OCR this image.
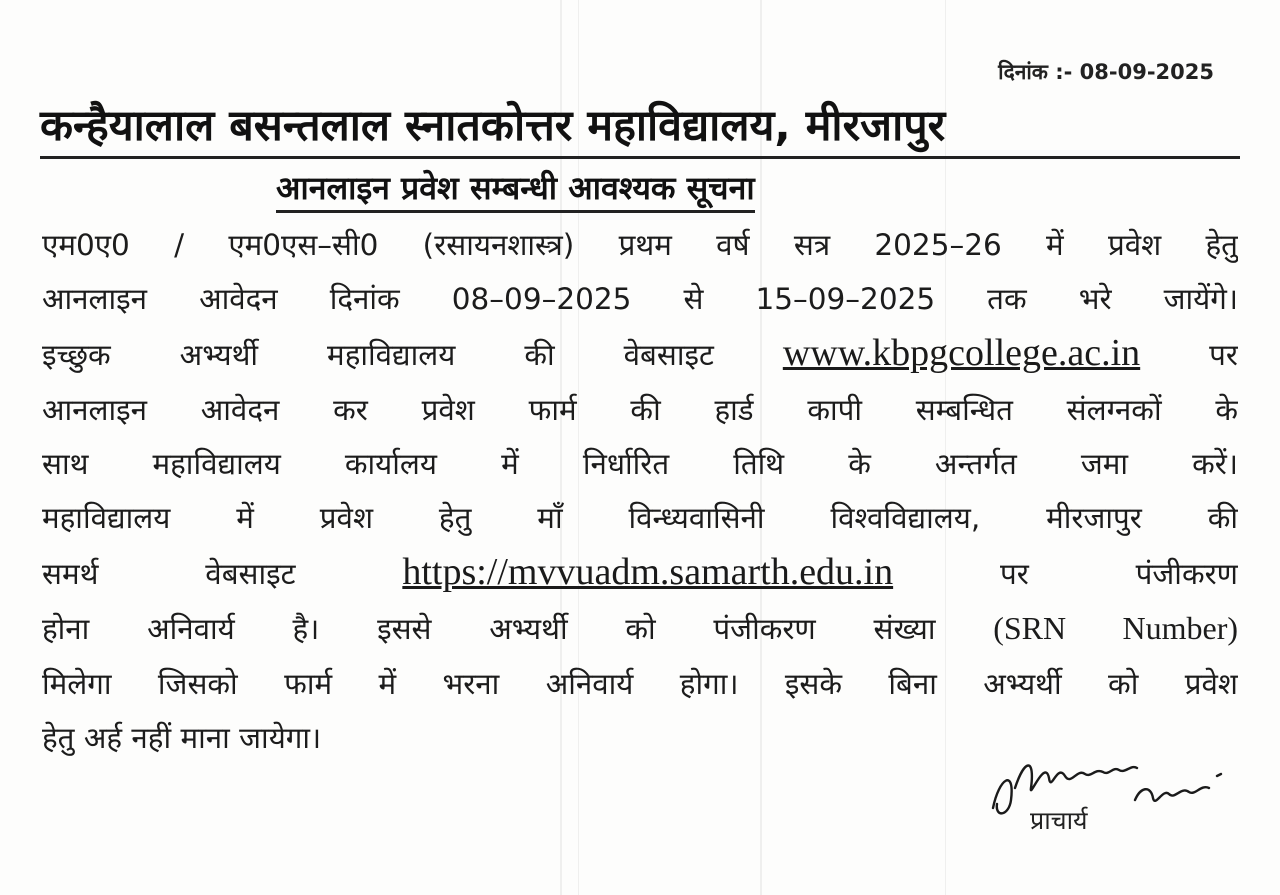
दिनांक :- 08-09-2025
कन्हैयालाल बसन्तलाल स्नातकोत्तर महाविद्यालय, मीरजापुर
आनलाइन प्रवेश सम्बन्धी आवश्यक सूचना
एम0ए0 / एम0एस–सी0 (रसायनशास्त्र) प्रथम वर्ष सत्र 2025–26 में प्रवेश हेतु
आनलाइन आवेदन दिनांक 08–09–2025 से 15–09–2025 तक भरे जायेंगे।
इच्छुक अभ्यर्थी महाविद्यालय की वेबसाइट www.kbpgcollege.ac.in पर
आनलाइन आवेदन कर प्रवेश फार्म की हार्ड कापी सम्बन्धित संलग्नकों के
साथ महाविद्यालय कार्यालय में निर्धारित तिथि के अन्तर्गत जमा करें।
महाविद्यालय में प्रवेश हेतु माँ विन्ध्यवासिनी विश्वविद्यालय, मीरजापुर की
समर्थ वेबसाइट https://mvvuadm.samarth.edu.in पर पंजीकरण
होना अनिवार्य है। इससे अभ्यर्थी को पंजीकरण संख्या (SRN Number)
मिलेगा जिसको फार्म में भरना अनिवार्य होगा। इसके बिना अभ्यर्थी को प्रवेश
हेतु अर्ह नहीं माना जायेगा।
प्राचार्य
